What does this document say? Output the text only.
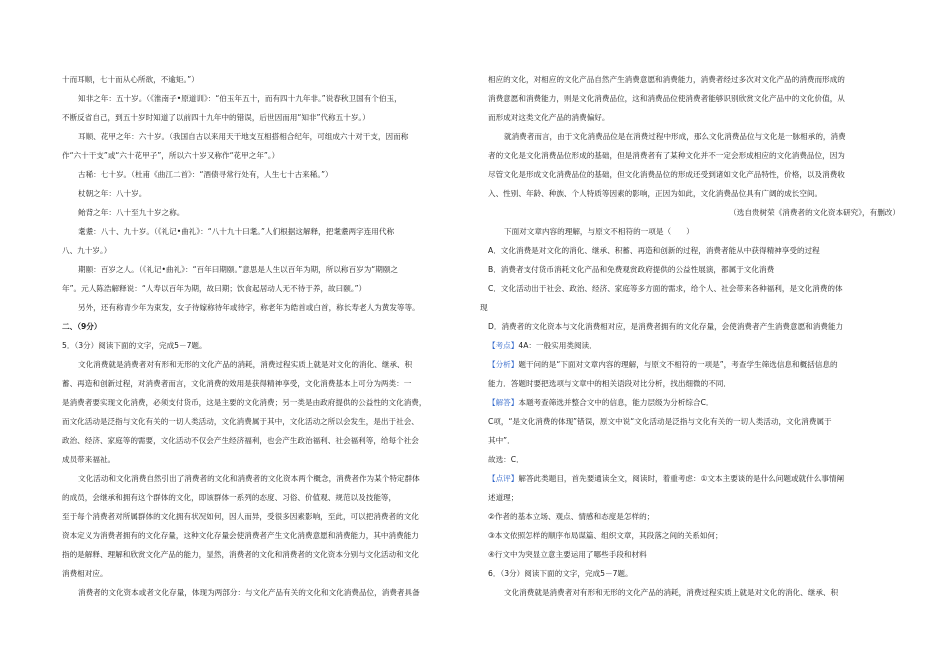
十而耳顺，七十而从心所欲，不逾矩。”）

知非之年：五十岁。（《淮南子•原道训》：“伯玉年五十，而有四十九年非。”说春秋卫国有个伯玉，

不断反省自己，到五十岁时知道了以前四十九年中的错误，后世因而用“知非”代称五十岁。）

耳顺、花甲之年：六十岁。（我国自古以来用天干地支互相搭相合纪年，可组成六十对干支，因而称

作“六十干支”或“六十花甲子”，所以六十岁又称作“花甲之年”。）

古稀：七十岁。（杜甫《曲江二首》：“酒债寻常行处有，人生七十古来稀。”）

杖朝之年：八十岁。

鲐背之年：八十至九十岁之称。

耄耋：八十、九十岁。（《礼记•曲礼》：“八十九十曰耄。”人们根据这解释，把耄耋两字连用代称

八、九十岁。）

期颐：百岁之人。（《礼记•曲礼》：“百年曰期颐。”意思是人生以百年为期，所以称百岁为“期颐之

年”。元人陈浩解释说：“人寿以百年为期，故曰期；饮食起居动人无不待于养，故曰颐。”）

另外，还有称青少年为束发，女子待嫁称待年或待字，称老年为皓首或白首，称长寿老人为黄发等等。

二、（9分）

5．（3分）阅读下面的文字，完成5－7题。

文化消费就是消费者对有形和无形的文化产品的消耗，消费过程实质上就是对文化的消化、继承、积

蓄、再造和创新过程，对消费者而言，文化消费的效用是获得精神享受，文化消费基本上可分为两类：一

是消费者要实现文化消费，必须支付货币，这是主要的文化消费；另一类是由政府提供的公益性的文化消费，

而文化活动是泛指与文化有关的一切人类活动，文化消费属于其中，文化活动之所以会发生，是出于社会、

政治、经济、家庭等的需要，文化活动不仅会产生经济福利，也会产生政治福利、社会福利等，给每个社会

成员带来福祉。

文化活动和文化消费自然引出了消费者的文化和消费者的文化资本两个概念，消费者作为某个特定群体

的成员，会继承和拥有这个群体的文化，即该群体一系列的态度、习俗、价值观、规范以及技能等，

至于每个消费者对所属群体的文化拥有状况如何，因人而异，受很多因素影响，至此，可以把消费者的文化

资本定义为消费者拥有的文化存量，这种文化存量会使消费者产生文化消费意愿和消费能力，其中消费能力

指的是解释、理解和欣赏文化产品的能力，显然，消费者的文化和消费者的文化资本分别与文化活动和文化

消费相对应。

消费者的文化资本或者文化存量，体现为两部分：与文化产品有关的文化和文化消费品位，消费者具备

相应的文化，对相应的文化产品自然产生消费意愿和消费能力，消费者经过多次对文化产品的消费而形成的

消费意愿和消费能力，则是文化消费品位，这和消费品位使消费者能够识别欣赏文化产品中的文化价值，从

而形成对这类文化产品的消费偏好。

就消费者而言，由于文化消费品位是在消费过程中形成，那么文化消费品位与文化是一脉相承的，消费

者的文化是文化消费品位形成的基础，但是消费者有了某种文化并不一定会形成相应的文化消费品位，因为

尽管文化是形成文化消费品位的基础，但文化消费品位的形成还受到诸如文化产品特性，价格，以及消费收

入、性别、年龄、种族、个人特质等因素的影响，正因为如此，文化消费品位具有广阔的成长空间。

（选自贵树荣《消费者的文化资本研究》，有删改）

下面对文章内容的理解，与原文不相符的一项是（　　）

A．文化消费是对文化的消化、继承、积蓄、再造和创新的过程，消费者能从中获得精神享受的过程

B．消费者支付货币消耗文化产品和免费观赏政府提供的公益性展演，都属于文化消费

C．文化活动出于社会、政治、经济、家庭等多方面的需求，给个人、社会带来各种福利，是文化消费的体

现

D．消费者的文化资本与文化消费相对应，是消费者拥有的文化存量，会使消费者产生消费意愿和消费能力

【考点】4A：一般实用类阅读．

【分析】题干问的是“下面对文章内容的理解，与原文不相符的一项是”，考查学生筛选信息和概括信息的

能力．答题时要把选项与文章中的相关语段对比分析，找出细微的不同．

【解答】本题考查筛选并整合文中的信息，能力层级为分析综合C．

C项，“是文化消费的体现”错误，原文中说“文化活动是泛指与文化有关的一切人类活动，文化消费属于

其中”．

故选：C．

【点评】解答此类题目，首先要通读全文，阅读时，着重考虑：①文本主要谈的是什么问题或就什么事情阐

述道理；

②作者的基本立场、观点、情感和态度是怎样的；

③本文依照怎样的顺序布局谋篇、组织文章，其段落之间的关系如何；

④行文中为突显立意主要运用了哪些手段和材料

6．（3分）阅读下面的文字，完成5－7题。

文化消费就是消费者对有形和无形的文化产品的消耗，消费过程实质上就是对文化的消化、继承、积
